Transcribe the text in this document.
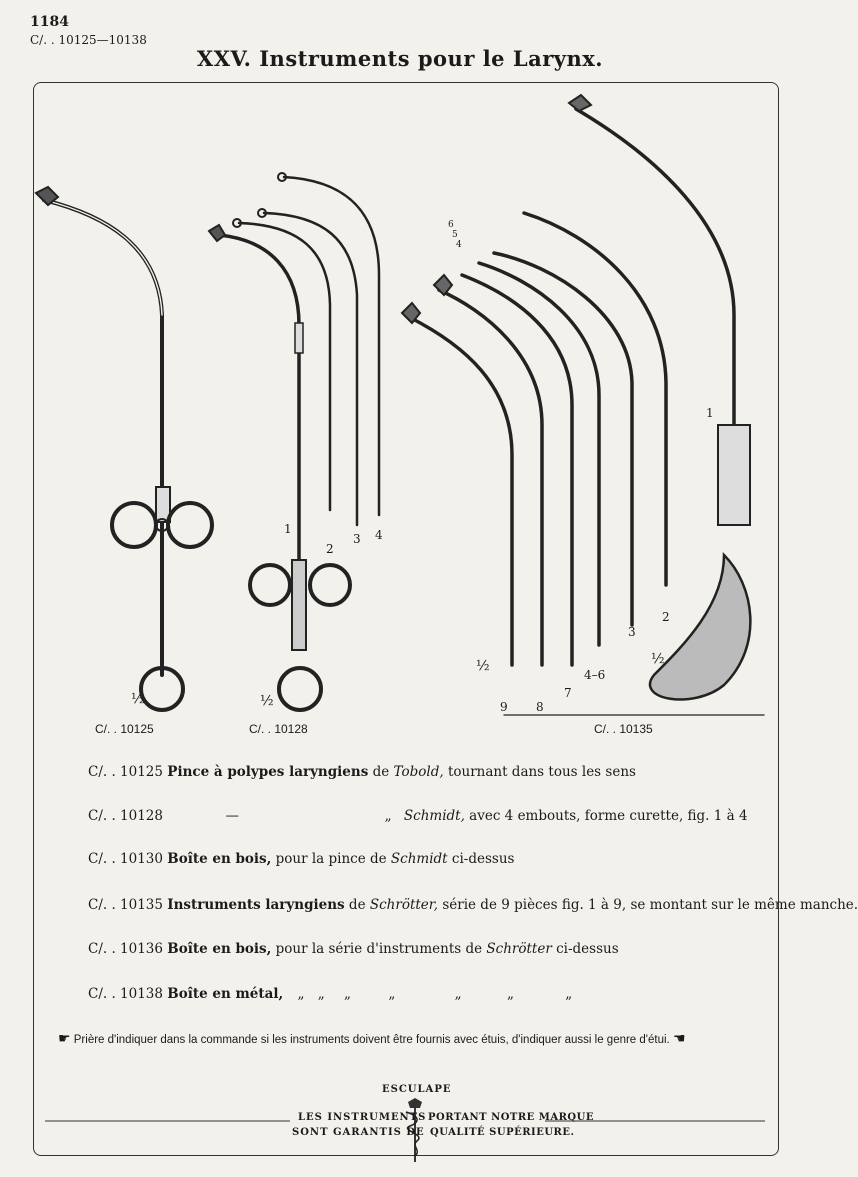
1184
C/. . 10125—10138
XXV. Instruments pour le Larynx.
½	½
½	½
1
2
3 4
1
2
3
4–6
7
8
9
4
5
6
C/. . 10125	C/. . 10128	C/. . 10135
C/. . 10125 Pince à polypes laryngiens de Tobold, tournant dans tous les sens
C/. . 10128	—	„ Schmidt, avec 4 embouts, forme curette, fig. 1 à 4
C/. . 10130 Boîte en bois, pour la pince de Schmidt ci-dessus
C/. . 10135 Instruments laryngiens de Schrötter, série de 9 pièces fig. 1 à 9, se montant sur le même manche.
C/. . 10136 Boîte en bois, pour la série d'instruments de Schrötter ci-dessus
C/. . 10138 Boîte en métal, „ „ „	„	„	„	„
☛ Prière d'indiquer dans la commande si les instruments doivent être fournis avec étuis, d'indiquer aussi le genre d'étui. ☚
ESCULAPE
LES INSTRUMENTS
SONT GARANTIS DE
PORTANT NOTRE MARQUE
QUALITÉ SUPÉRIEURE.
